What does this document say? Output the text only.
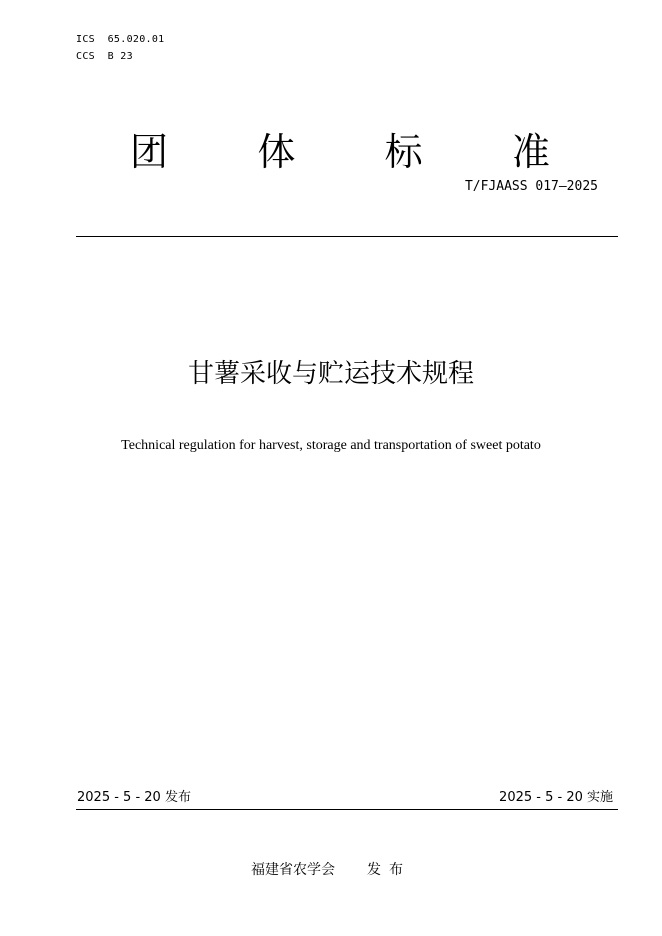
ICS  65.020.01
CCS  B 23
团 体 标 准
T/FJAASS 017—2025
甘薯采收与贮运技术规程
Technical regulation for harvest, storage and transportation of sweet potato
2025 - 5 - 20 发布	2025 - 5 - 20 实施
福建省农学会 发布
